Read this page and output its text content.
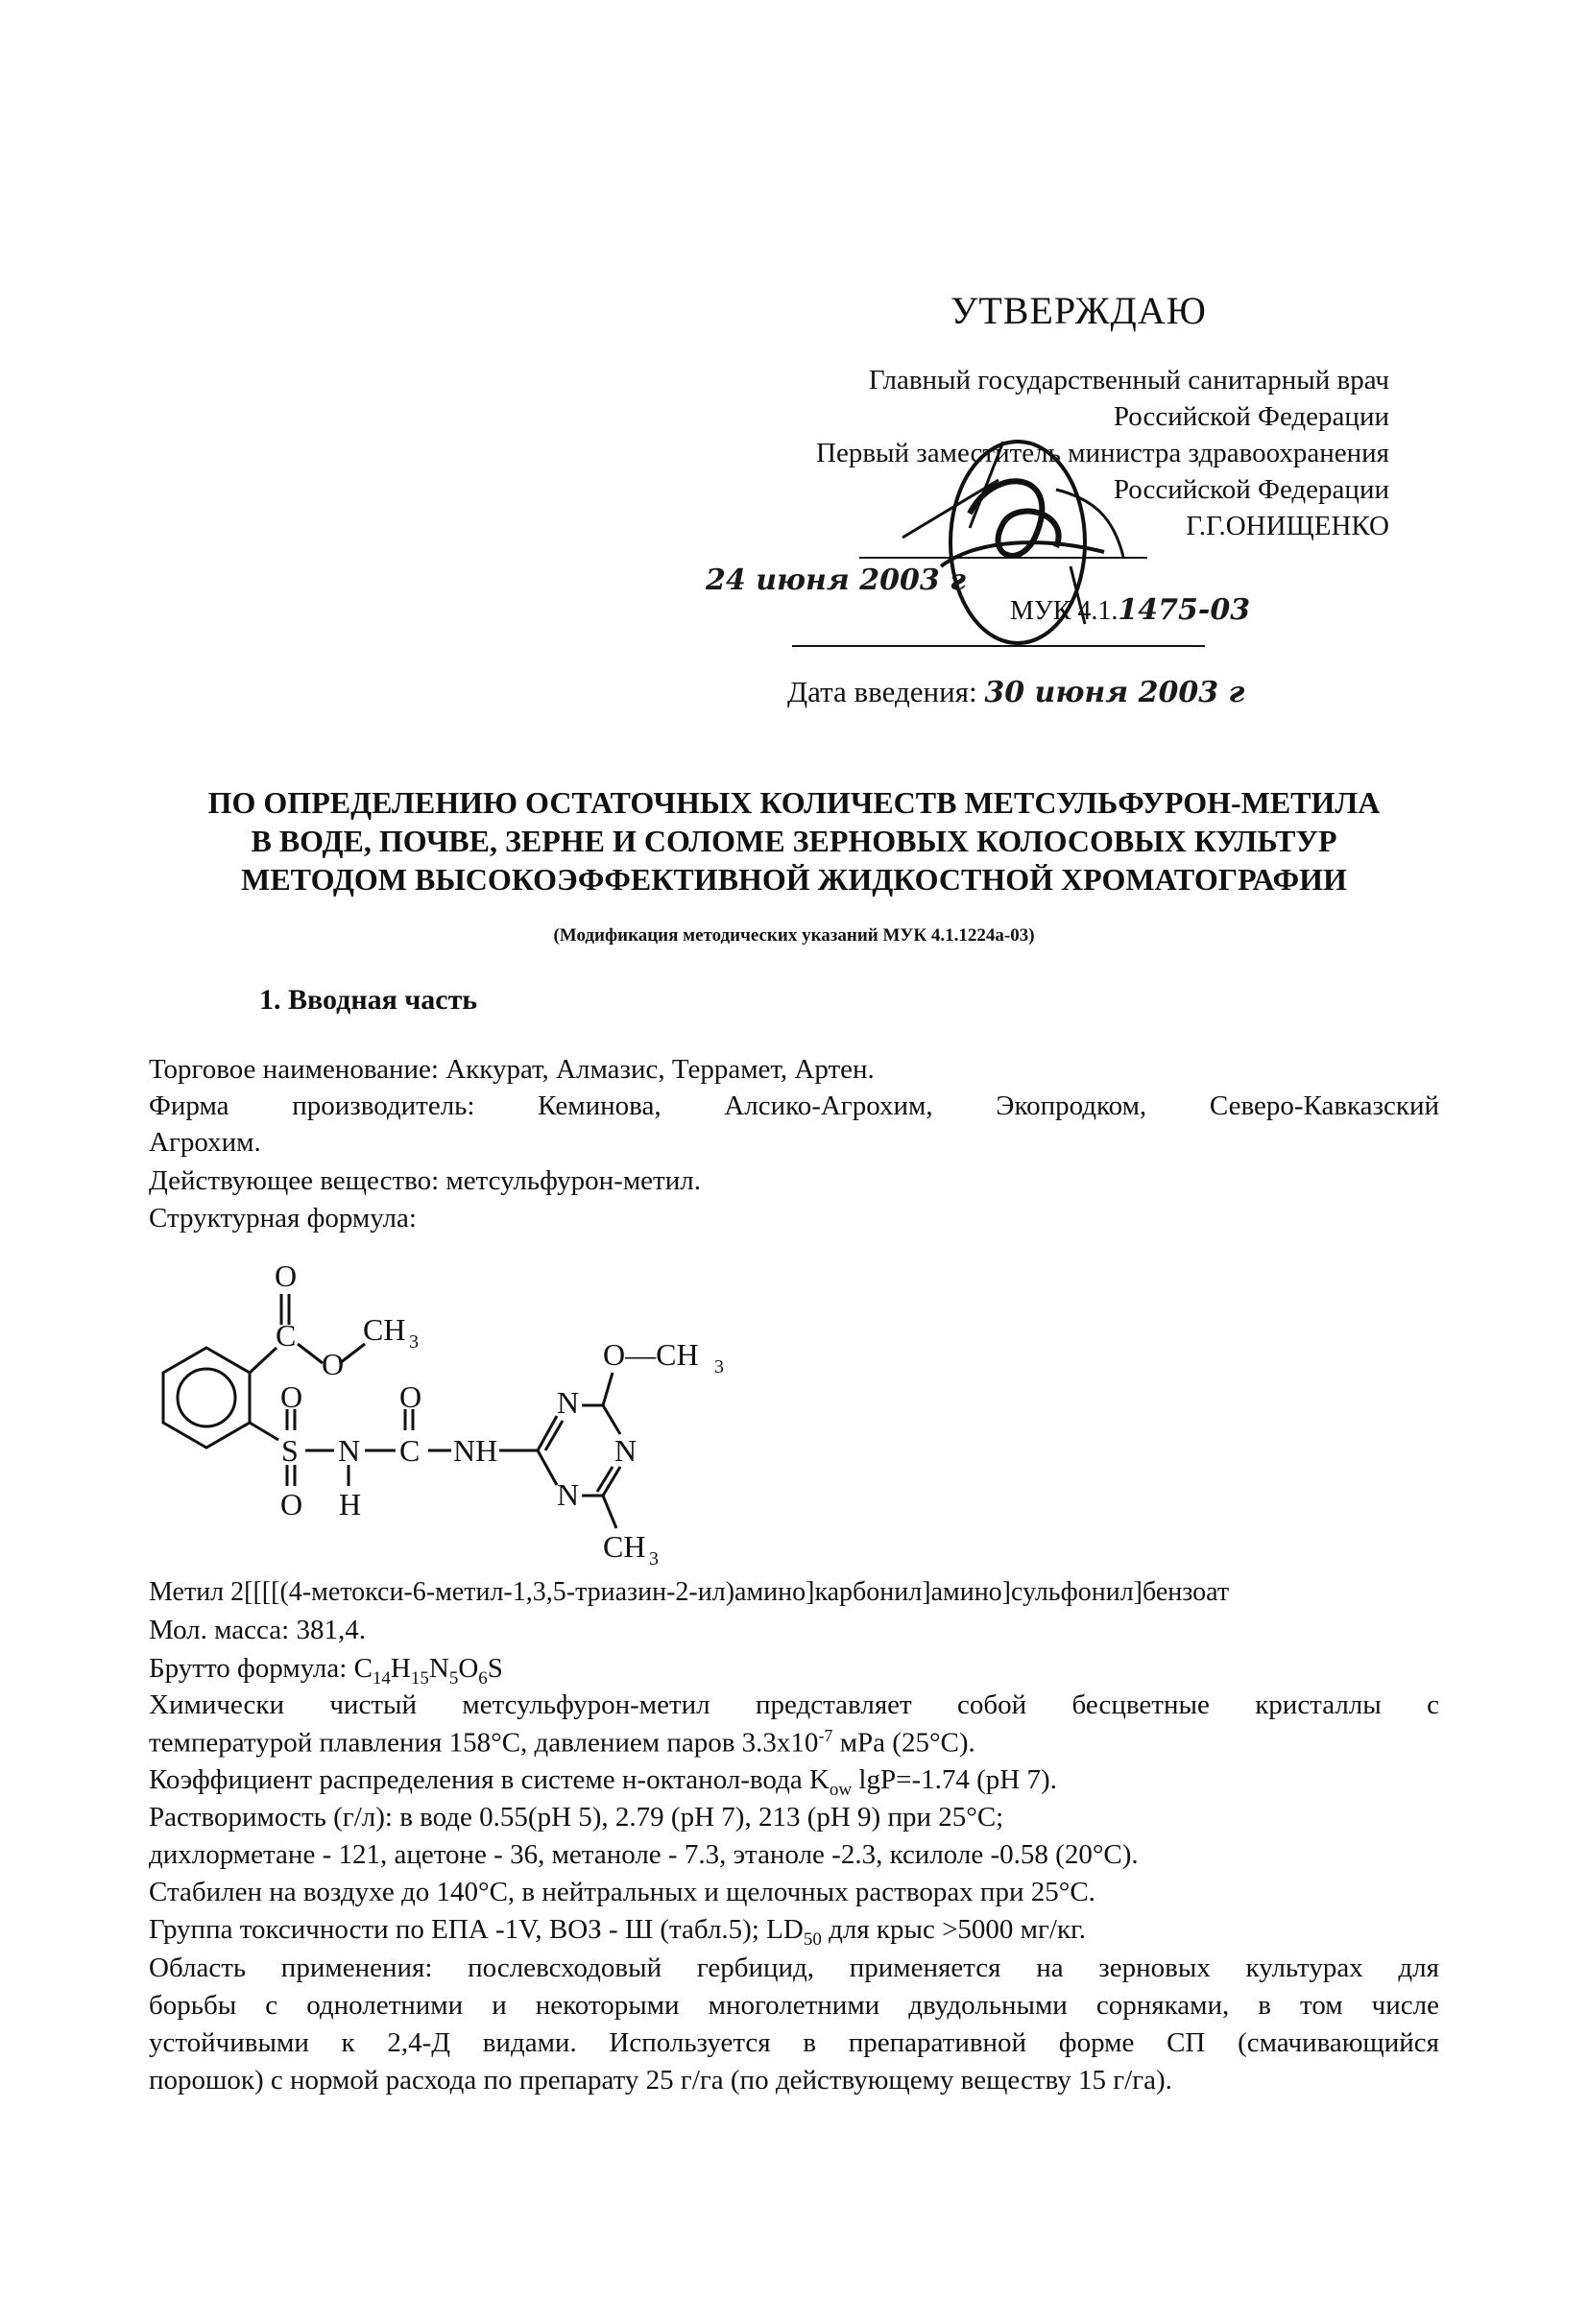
УТВЕРЖДАЮ
Главный государственный санитарный врач
Российской Федерации
Первый заместитель министра здравоохранения
Российской Федерации
Г.Г.ОНИЩЕНКО
24 июня 2003 г
МУК 4.1.1475-03
Дата введения: 30 июня 2003 г
ПО ОПРЕДЕЛЕНИЮ ОСТАТОЧНЫХ КОЛИЧЕСТВ МЕТСУЛЬФУРОН-МЕТИЛА
В ВОДЕ, ПОЧВЕ, ЗЕРНЕ И СОЛОМЕ ЗЕРНОВЫХ КОЛОСОВЫХ КУЛЬТУР
МЕТОДОМ ВЫСОКОЭФФЕКТИВНОЙ ЖИДКОСТНОЙ ХРОМАТОГРАФИИ
(Модификация методических указаний МУК 4.1.1224а-03)
1. Вводная часть
Торговое наименование: Аккурат, Алмазис, Террамет, Артен.
Фирма производитель: Кеминова, Алсико-Агрохим, Экопродком, Северо-Кавказский
Агрохим.
Действующее вещество: метсульфурон-метил.
Структурная формула:
O
C
O
CH 3
O
S
O
N
H
O
C NH
N
N
N
O—CH 3
CH 3
Метил 2[[[[(4-метокси-6-метил-1,3,5-триазин-2-ил)амино]карбонил]амино]сульфонил]бензоат
Мол. масса: 381,4.
Брутто формула: $C_{14}H_{15}N_5O_6S$
Химически чистый метсульфурон-метил представляет собой бесцветные кристаллы с
температурой плавления 158°С, давлением паров $3.3х10^{-7}$ мРа (25°С).
Коэффициент распределения в системе н-октанол-вода $K_{ow}$ lgP=-1.74 (рН 7).
Растворимость (г/л): в воде 0.55(рН 5), 2.79 (рН 7), 213 (рН 9) при 25°С;
дихлорметане - 121, ацетоне - 36, метаноле - 7.3, этаноле -2.3, ксилоле -0.58 (20°С).
Стабилен на воздухе до 140°С, в нейтральных и щелочных растворах при 25°С.
Группа токсичности по ЕПА -1V, ВОЗ - Ш (табл.5); $LD_{50}$ для крыс >5000 мг/кг.
Область применения: послевсходовый гербицид, применяется на зерновых культурах для
борьбы с однолетними и некоторыми многолетними двудольными сорняками, в том числе
устойчивыми к 2,4-Д видами. Используется в препаративной форме СП (смачивающийся
порошок) с нормой расхода по препарату 25 г/га (по действующему веществу 15 г/га).
